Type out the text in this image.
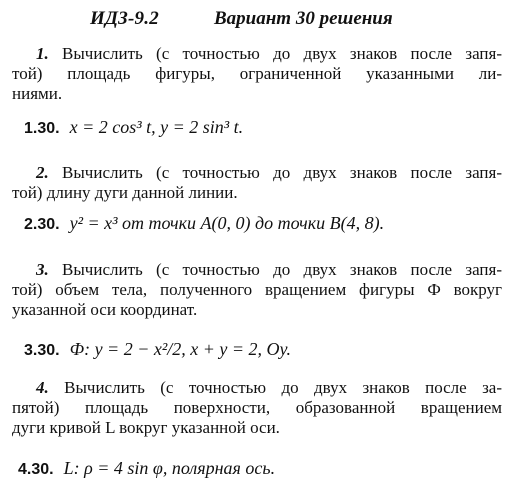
ИДЗ-9.2	Вариант 30 решения
1. Вычислить (с точностью до двух знаков после запя-
той) площадь фигуры, ограниченной указанными ли-
ниями.
1.30. x = 2 cos³ t, y = 2 sin³ t.
2. Вычислить (с точностью до двух знаков после запя-
той) длину дуги данной линии.
2.30. y² = x³ от точки A(0, 0) до точки B(4, 8).
3. Вычислить (с точностью до двух знаков после запя-
той) объем тела, полученного вращением фигуры Ф вокруг
указанной оси координат.
3.30. Ф: y = 2 − x²/2, x + y = 2, Oy.
4. Вычислить (с точностью до двух знаков после за-
пятой) площадь поверхности, образованной вращением
дуги кривой L вокруг указанной оси.
4.30. L: ρ = 4 sin φ, полярная ось.
